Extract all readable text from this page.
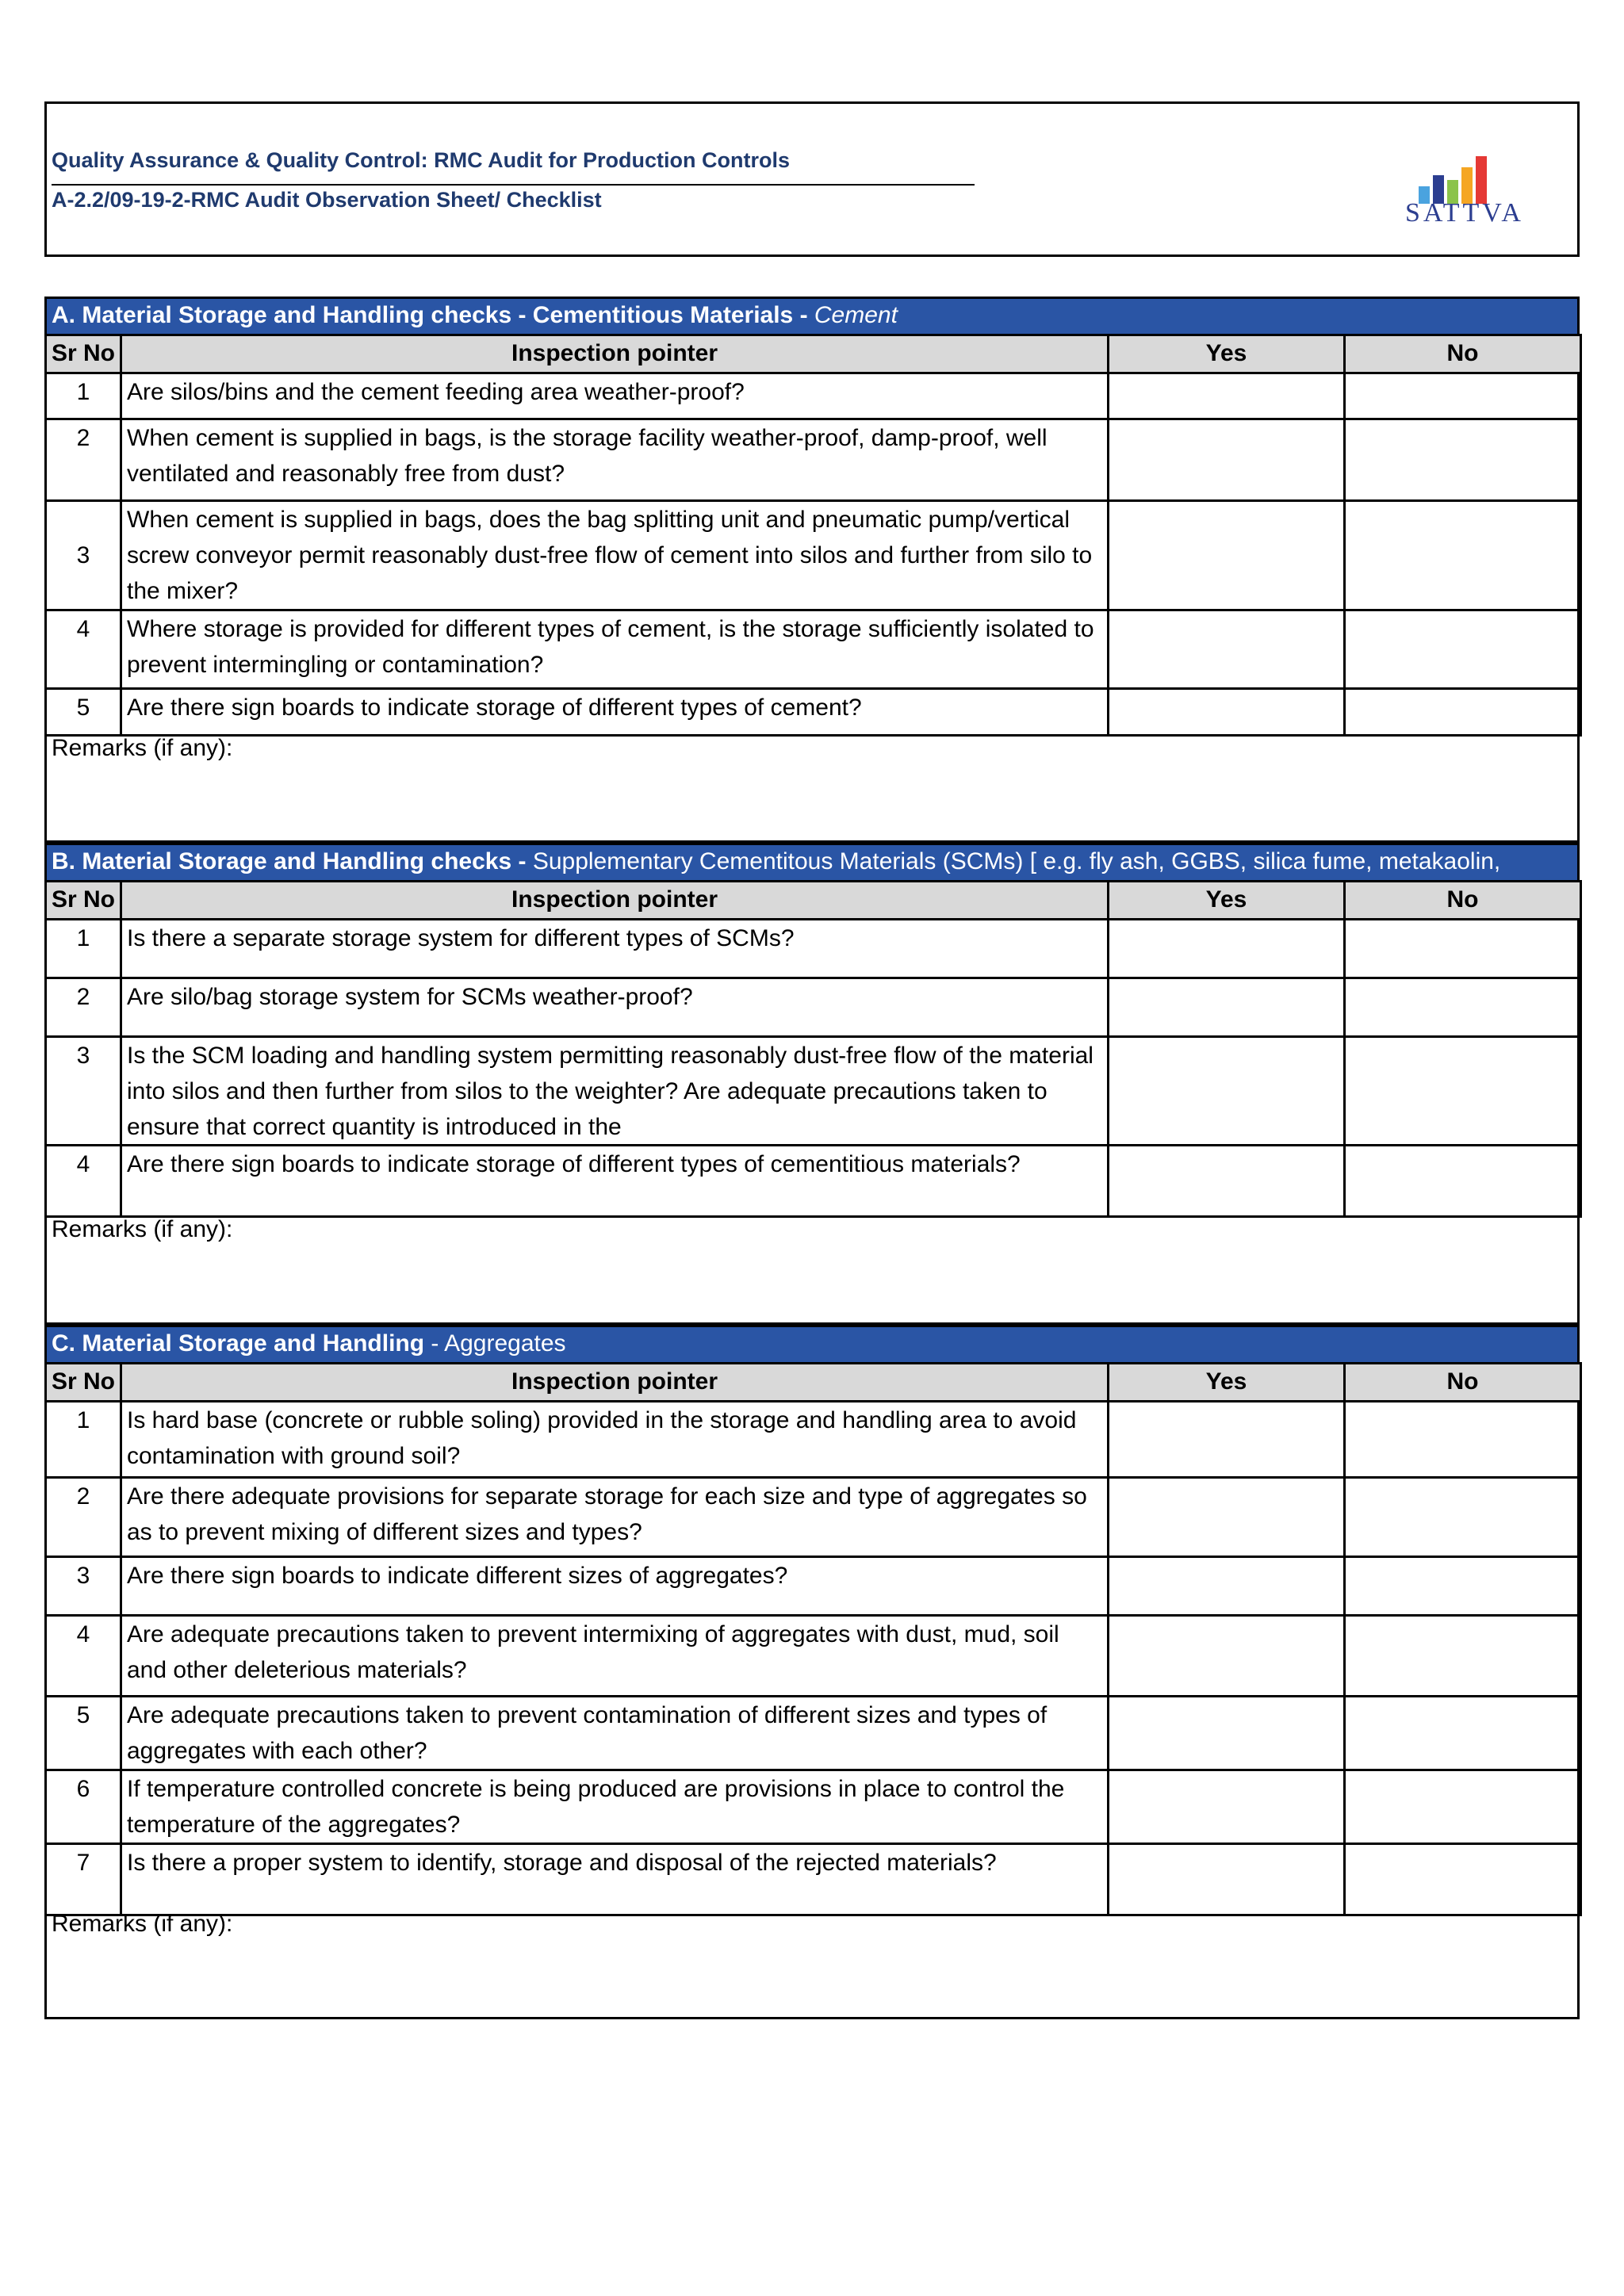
Quality Assurance & Quality Control: RMC Audit for Production Controls
A-2.2/09-19-2-RMC Audit Observation Sheet/ Checklist	SATTVA
A. Material Storage and Handling checks - Cementitious Materials - Cement
Sr No	Inspection pointer	Yes	No
1	Are silos/bins and the cement feeding area weather-proof?		
2	When cement is supplied in bags, is the storage facility weather-proof, damp-proof, well ventilated and reasonably free from dust?		
3	When cement is supplied in bags, does the bag splitting unit and pneumatic pump/vertical screw conveyor permit reasonably dust-free flow of cement into silos and further from silo to the mixer?		
4	Where storage is provided for different types of cement, is the storage sufficiently isolated to prevent intermingling or contamination?		
5	Are there sign boards to indicate storage of different types of cement?		
Remarks (if any):
B. Material Storage and Handling checks - Supplementary Cementitous Materials (SCMs) [ e.g. fly ash, GGBS, silica fume, metakaolin,
Sr No	Inspection pointer	Yes	No
1	Is there a separate storage system for different types of SCMs?		
2	Are silo/bag storage system for SCMs weather-proof?		
3	Is the SCM loading and handling system permitting reasonably dust-free flow of the material into silos and then further from silos to the weighter? Are adequate precautions taken to ensure that correct quantity is introduced in the		

4	Are there sign boards to indicate storage of different types of cementitious materials?		
Remarks (if any):
C. Material Storage and Handling - Aggregates
Sr No	Inspection pointer	Yes	No
1	Is hard base (concrete or rubble soling) provided in the storage and handling area to avoid contamination with ground soil?		
2	Are there adequate provisions for separate storage for each size and type of aggregates so as to prevent mixing of different sizes and types?		
3	Are there sign boards to indicate different sizes of aggregates?		
4	Are adequate precautions taken to prevent intermixing of aggregates with dust, mud, soil and other deleterious materials?		
5	Are adequate precautions taken to prevent contamination of different sizes and types of aggregates with each other?		
6	If temperature controlled concrete is being produced are provisions in place to control the temperature of the aggregates?		
7	Is there a proper system to identify, storage and disposal of the rejected materials?		
Remarks (if any):
